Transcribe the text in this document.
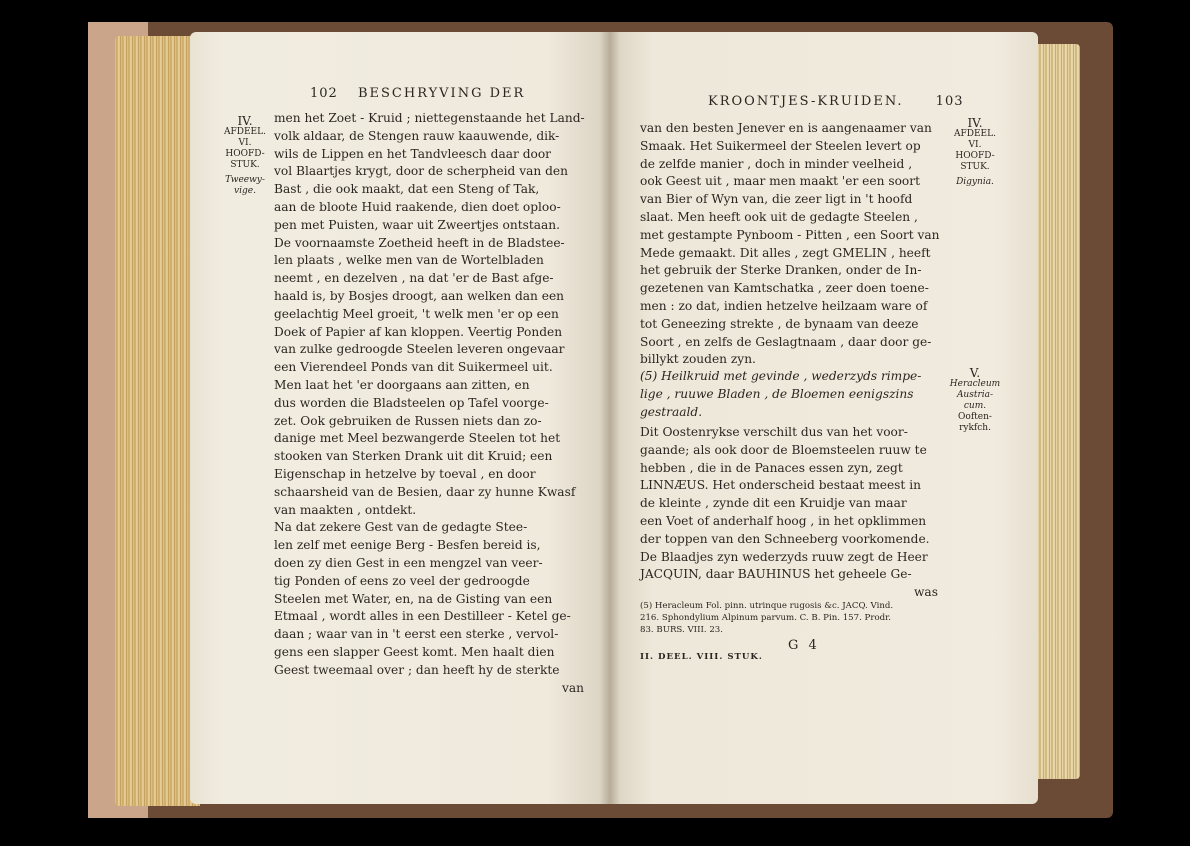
102 BESCHRYVING DER
IV.
AFDEEL.
VI.
HOOFD-
STUK.
Tweewy-
vige.
men het Zoet - Kruid ; niettegenstaande het Land-
volk aldaar, de Stengen rauw kaauwende, dik-
wils de Lippen en het Tandvleesch daar door
vol Blaartjes krygt, door de scherpheid van den
Bast , die ook maakt, dat een Steng of Tak,
aan de bloote Huid raakende, dien doet oploo-
pen met Puisten, waar uit Zweertjes ontstaan.
De voornaamste Zoetheid heeft in de Bladstee-
len plaats , welke men van de Wortelbladen
neemt , en dezelven , na dat 'er de Bast afge-
haald is, by Bosjes droogt, aan welken dan een
geelachtig Meel groeit, 't welk men 'er op een
Doek of Papier af kan kloppen. Veertig Ponden
van zulke gedroogde Steelen leveren ongevaar
een Vierendeel Ponds van dit Suikermeel uit.
Men laat het 'er doorgaans aan zitten, en
dus worden die Bladsteelen op Tafel voorge-
zet. Ook gebruiken de Russen niets dan zo-
danige met Meel bezwangerde Steelen tot het
stooken van Sterken Drank uit dit Kruid; een
Eigenschap in hetzelve by toeval , en door
schaarsheid van de Besien, daar zy hunne Kwasf
van maakten , ontdekt.
Na dat zekere Gest van de gedagte Stee-
len zelf met eenige Berg - Besfen bereid is,
doen zy dien Gest in een mengzel van veer-
tig Ponden of eens zo veel der gedroogde
Steelen met Water, en, na de Gisting van een
Etmaal , wordt alles in een Destilleer - Ketel ge-
daan ; waar van in 't eerst een sterke , vervol-
gens een slapper Geest komt. Men haalt dien
Geest tweemaal over ; dan heeft hy de sterkte
van
KROONTJES-KRUIDEN. 103
IV.
AFDEEL.
VI.
HOOFD-
STUK.
Digynia.
van den besten Jenever en is aangenaamer van
Smaak. Het Suikermeel der Steelen levert op
de zelfde manier , doch in minder veelheid ,
ook Geest uit , maar men maakt 'er een soort
van Bier of Wyn van, die zeer ligt in 't hoofd
slaat. Men heeft ook uit de gedagte Steelen ,
met gestampte Pynboom - Pitten , een Soort van
Mede gemaakt. Dit alles , zegt GMELIN , heeft
het gebruik der Sterke Dranken, onder de In-
gezetenen van Kamtschatka , zeer doen toene-
men : zo dat, indien hetzelve heilzaam ware of
tot Geneezing strekte , de bynaam van deeze
Soort , en zelfs de Geslagtnaam , daar door ge-
billykt zouden zyn.
(5) Heilkruid met gevinde , wederzyds rimpe-
lige , ruuwe Bladen , de Bloemen eenigszins
gestraald.
V.
Heracleum
Austria-
cum.
Ooften-
rykfch.
Dit Oostenrykse verschilt dus van het voor-
gaande; als ook door de Bloemsteelen ruuw te
hebben , die in de Panaces essen zyn, zegt
LINNÆUS. Het onderscheid bestaat meest in
de kleinte , zynde dit een Kruidje van maar
een Voet of anderhalf hoog , in het opklimmen
der toppen van den Schneeberg voorkomende.
De Blaadjes zyn wederzyds ruuw zegt de Heer
JACQUIN, daar BAUHINUS het geheele Ge-
was
(5) Heracleum Fol. pinn. utrinque rugosis &c. JACQ. Vind.
216. Sphondylium Alpinum parvum. C. B. Pin. 157. Prodr.
83. BURS. VIII. 23.
G 4
II. DEEL. VIII. STUK.
